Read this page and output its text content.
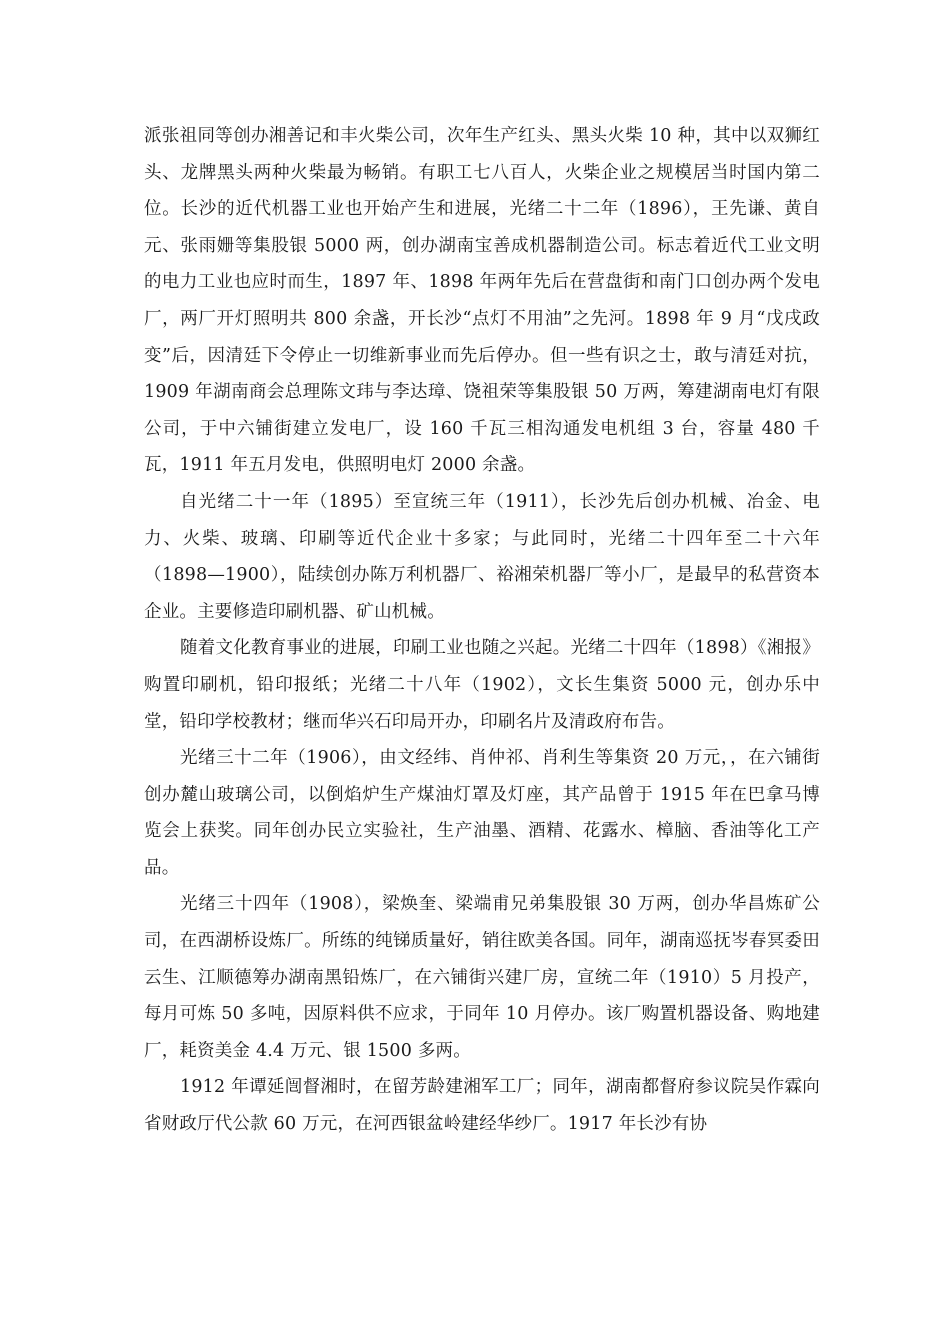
派张祖同等创办湘善记和丰火柴公司，次年生产红头、黑头火柴 10 种，其中以双狮红头、龙牌黑头两种火柴最为畅销。有职工七八百人，火柴企业之规模居当时国内第二位。长沙的近代机器工业也开始产生和进展，光绪二十二年（1896），王先谦、黄自元、张雨姗等集股银 5000 两，创办湖南宝善成机器制造公司。标志着近代工业文明的电力工业也应时而生，1897 年、1898 年两年先后在营盘街和南门口创办两个发电厂，两厂开灯照明共 800 余盏，开长沙“点灯不用油”之先河。1898 年 9 月“戊戌政变”后，因清廷下令停止一切维新事业而先后停办。但一些有识之士，敢与清廷对抗，1909 年湖南商会总理陈文玮与李达璋、饶祖荣等集股银 50 万两，筹建湖南电灯有限公司，于中六铺街建立发电厂，设 160 千瓦三相沟通发电机组 3 台，容量 480 千瓦，1911 年五月发电，供照明电灯 2000 余盏。

自光绪二十一年（1895）至宣统三年（1911），长沙先后创办机械、冶金、电力、火柴、玻璃、印刷等近代企业十多家；与此同时，光绪二十四年至二十六年（1898—1900），陆续创办陈万利机器厂、裕湘荣机器厂等小厂，是最早的私营资本企业。主要修造印刷机器、矿山机械。

随着文化教育事业的进展，印刷工业也随之兴起。光绪二十四年（1898）《湘报》购置印刷机，铅印报纸；光绪二十八年（1902），文长生集资 5000 元，创办乐中堂，铅印学校教材；继而华兴石印局开办，印刷名片及清政府布告。

光绪三十二年（1906），由文经纬、肖仲祁、肖利生等集资 20 万元，，在六铺街创办麓山玻璃公司，以倒焰炉生产煤油灯罩及灯座，其产品曾于 1915 年在巴拿马博览会上获奖。同年创办民立实验社，生产油墨、酒精、花露水、樟脑、香油等化工产品。

光绪三十四年（1908），梁焕奎、梁端甫兄弟集股银 30 万两，创办华昌炼矿公司，在西湖桥设炼厂。所练的纯锑质量好，销往欧美各国。同年，湖南巡抚岑春冥委田云生、江顺德筹办湖南黑铅炼厂，在六铺街兴建厂房，宣统二年（1910）5 月投产，每月可炼 50 多吨，因原料供不应求，于同年 10 月停办。该厂购置机器设备、购地建厂，耗资美金 4.4 万元、银 1500 多两。

1912 年谭延闿督湘时，在留芳龄建湘军工厂；同年，湖南都督府参议院吴作霖向省财政厅代公款 60 万元，在河西银盆岭建经华纱厂。1917 年长沙有协
